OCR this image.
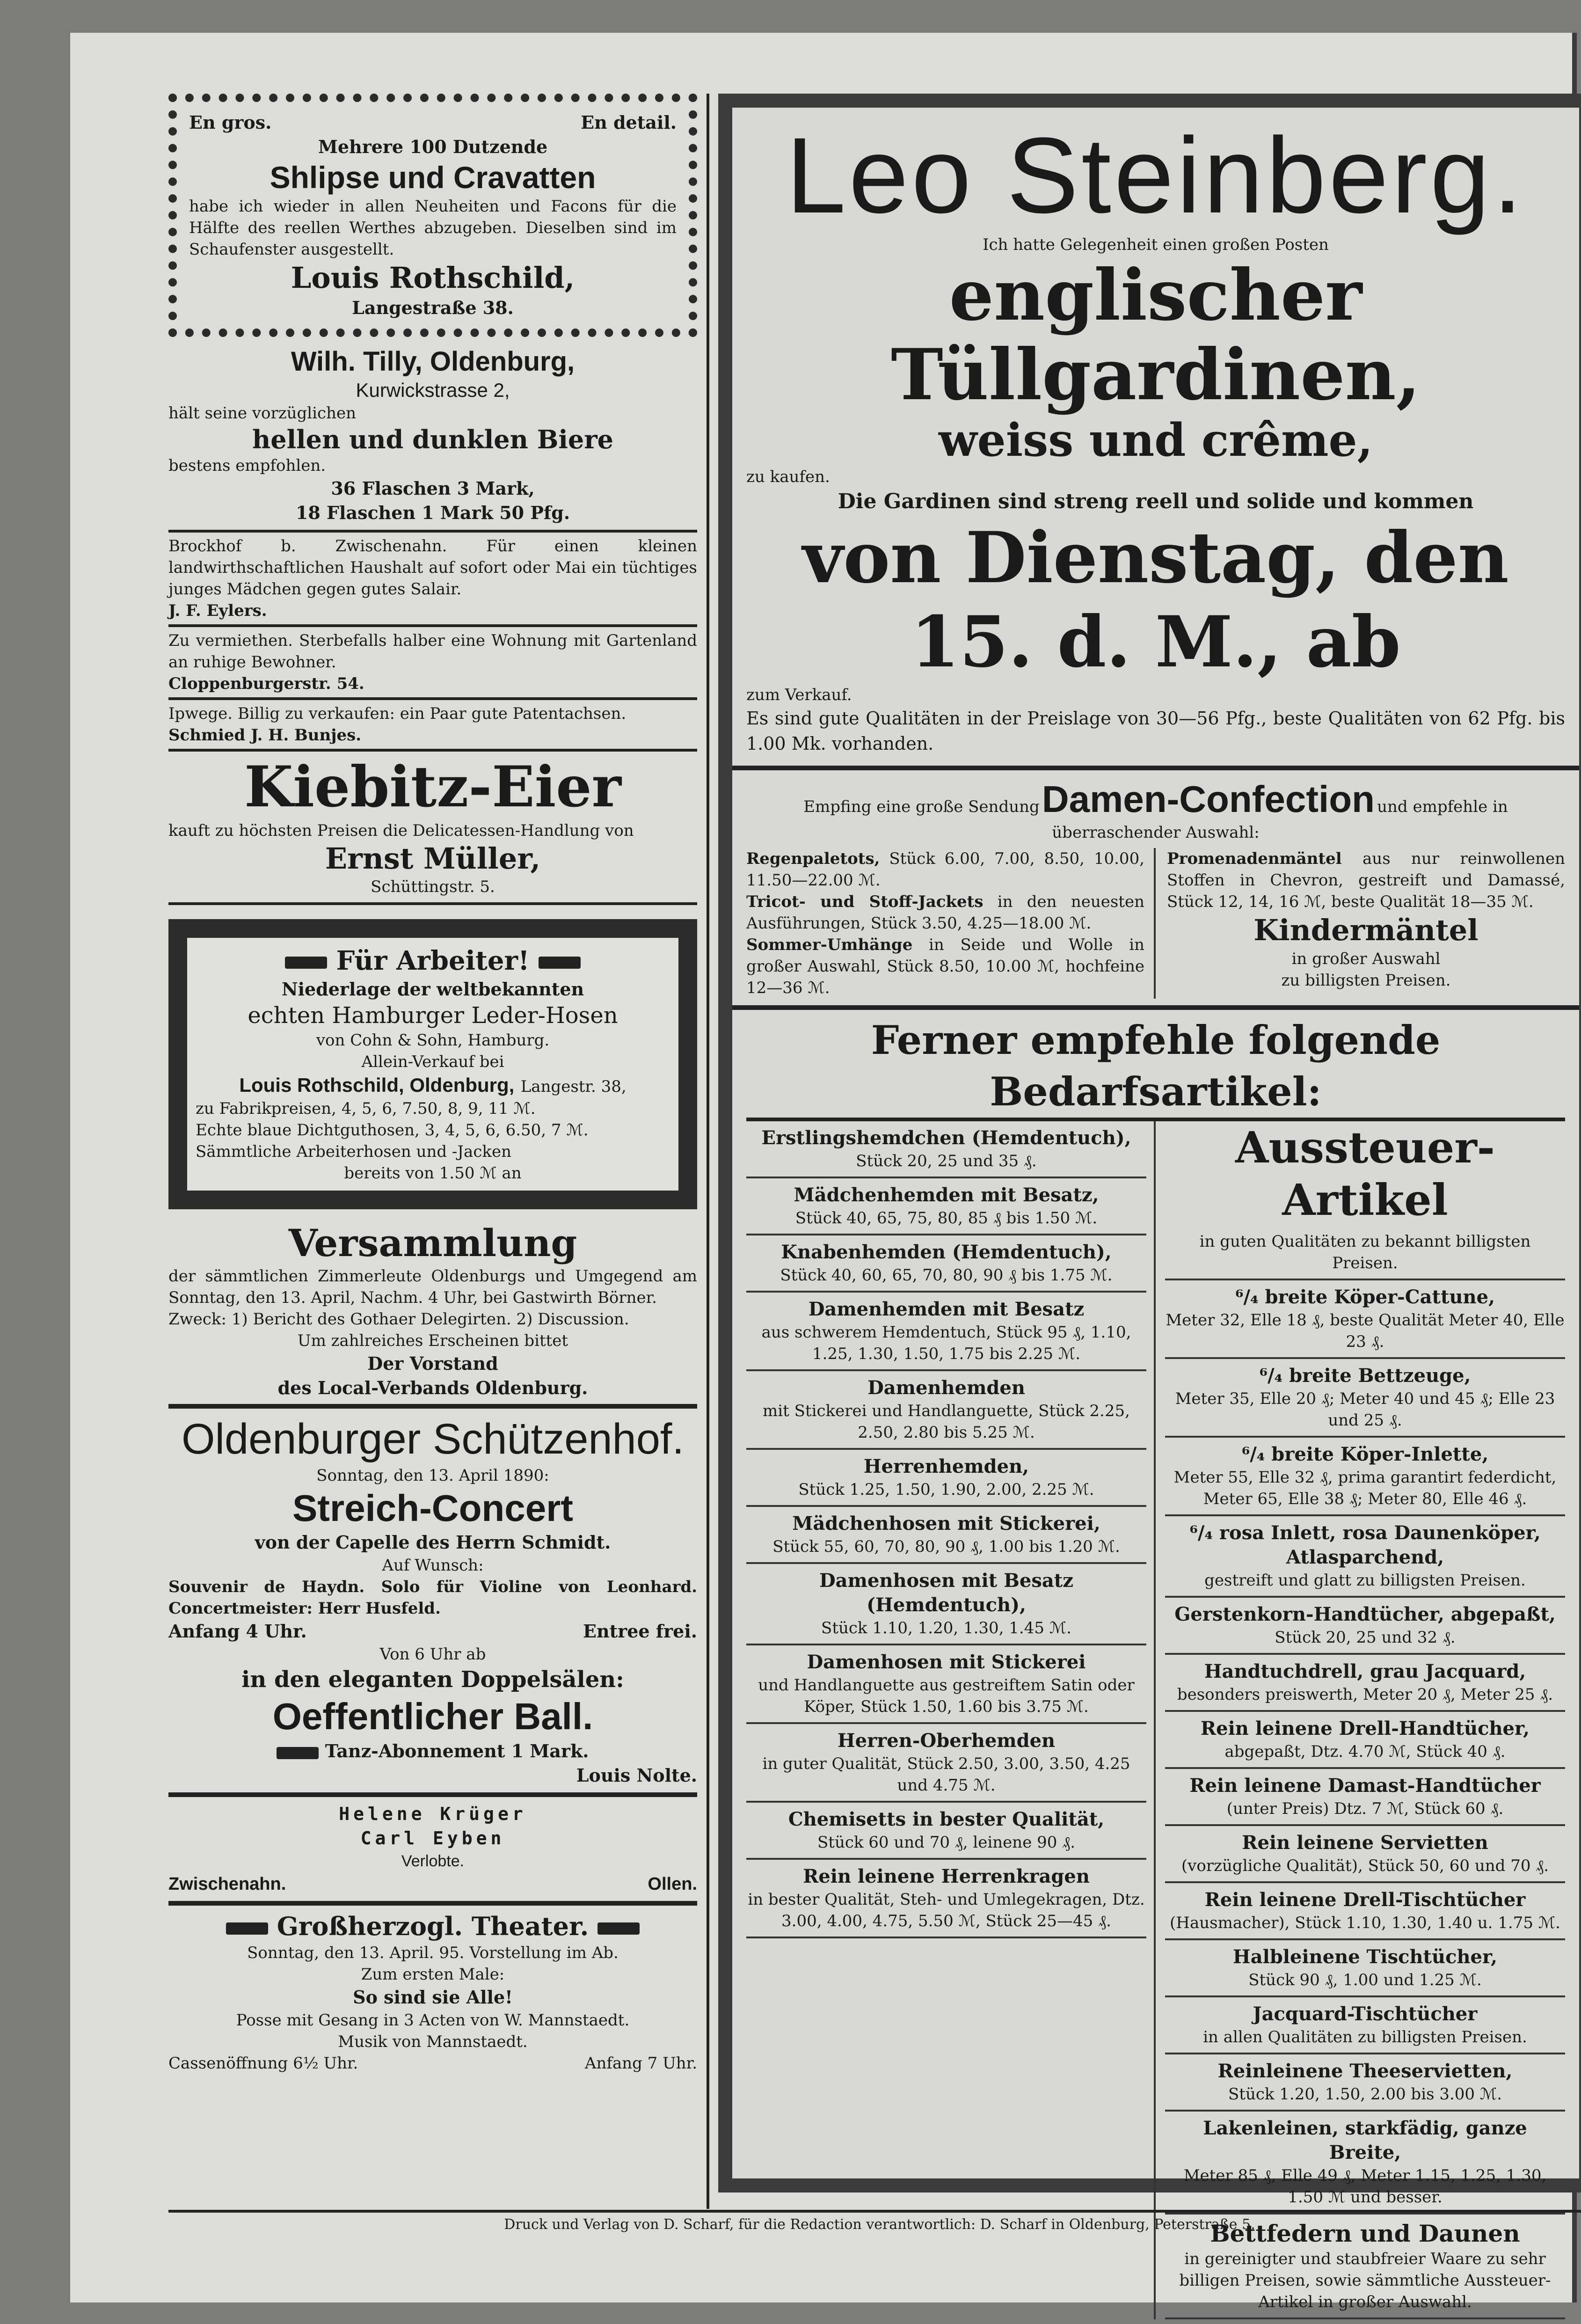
En gros.	En detail.
Mehrere 100 Dutzende
Shlipse und Cravatten
habe ich wieder in allen Neuheiten und Facons für die Hälfte des reellen Werthes abzugeben. Dieselben sind im Schaufenster ausgestellt.
Louis Rothschild,
Langestraße 38.
Wilh. Tilly, Oldenburg,
Kurwickstrasse 2,
hält seine vorzüglichen
hellen und dunklen Biere
bestens empfohlen.
36 Flaschen 3 Mark,
18 Flaschen 1 Mark 50 Pfg.
Brockhof b. Zwischenahn. Für einen kleinen landwirthschaftlichen Haushalt auf sofort oder Mai ein tüchtiges junges Mädchen gegen gutes Salair.
J. F. Eylers.
Zu vermiethen. Sterbefalls halber eine Wohnung mit Gartenland an ruhige Bewohner.
Cloppenburgerstr. 54.
Ipwege. Billig zu verkaufen: ein Paar gute Patentachsen.
Schmied J. H. Bunjes.
Kiebitz-Eier
kauft zu höchsten Preisen die Delicatessen-Handlung von
Ernst Müller,
Schüttingstr. 5.
Für Arbeiter!
Niederlage der weltbekannten
echten Hamburger Leder-Hosen
von Cohn & Sohn, Hamburg.
Allein-Verkauf bei
Louis Rothschild, Oldenburg, Langestr. 38,
zu Fabrikpreisen, 4, 5, 6, 7.50, 8, 9, 11 ℳ.
Echte blaue Dichtguthosen, 3, 4, 5, 6, 6.50, 7 ℳ.
Sämmtliche Arbeiterhosen und -Jacken
bereits von 1.50 ℳ an
Versammlung
der sämmtlichen Zimmerleute Oldenburgs und Umgegend am Sonntag, den 13. April, Nachm. 4 Uhr, bei Gastwirth Börner.
Zweck: 1) Bericht des Gothaer Delegirten. 2) Discussion.
Um zahlreiches Erscheinen bittet
Der Vorstand
des Local-Verbands Oldenburg.
Oldenburger Schützenhof.
Sonntag, den 13. April 1890:
Streich-Concert
von der Capelle des Herrn Schmidt.
Auf Wunsch:
Souvenir de Haydn. Solo für Violine von Leonhard. Concertmeister: Herr Husfeld.
Anfang 4 Uhr.	Entree frei.
Von 6 Uhr ab
in den eleganten Doppelsälen:
Oeffentlicher Ball.
Tanz-Abonnement 1 Mark.
Louis Nolte.
Helene Krüger
Carl Eyben
Verlobte.
Zwischenahn.	Ollen.
Großherzogl. Theater.
Sonntag, den 13. April. 95. Vorstellung im Ab.
Zum ersten Male:
So sind sie Alle!
Posse mit Gesang in 3 Acten von W. Mannstaedt.
Musik von Mannstaedt.
Cassenöffnung 6½ Uhr.	Anfang 7 Uhr.
Leo Steinberg.
Ich hatte Gelegenheit einen großen Posten
englischer Tüllgardinen,
weiss und crême,
zu kaufen.
Die Gardinen sind streng reell und solide und kommen
von Dienstag, den 15. d. M., ab
zum Verkauf.
Es sind gute Qualitäten in der Preislage von 30—56 Pfg., beste Qualitäten von 62 Pfg. bis 1.00 Mk. vorhanden.
Empfing eine große Sendung Damen-Confection und empfehle in überraschender Auswahl:
Regenpaletots, Stück 6.00, 7.00, 8.50, 10.00, 11.50—22.00 ℳ.
Tricot- und Stoff-Jackets in den neuesten Ausführungen, Stück 3.50, 4.25—18.00 ℳ.
Sommer-Umhänge in Seide und Wolle in großer Auswahl, Stück 8.50, 10.00 ℳ, hochfeine 12—36 ℳ.
Promenadenmäntel aus nur reinwollenen Stoffen in Chevron, gestreift und Damassé, Stück 12, 14, 16 ℳ, beste Qualität 18—35 ℳ.
Kindermäntel
in großer Auswahl
zu billigsten Preisen.
Ferner empfehle folgende Bedarfsartikel:
Erstlingshemdchen (Hemdentuch),
Stück 20, 25 und 35 ₰.
Mädchenhemden mit Besatz,
Stück 40, 65, 75, 80, 85 ₰ bis 1.50 ℳ.
Knabenhemden (Hemdentuch),
Stück 40, 60, 65, 70, 80, 90 ₰ bis 1.75 ℳ.
Damenhemden mit Besatz
aus schwerem Hemdentuch, Stück 95 ₰, 1.10, 1.25, 1.30, 1.50, 1.75 bis 2.25 ℳ.
Damenhemden
mit Stickerei und Handlanguette, Stück 2.25, 2.50, 2.80 bis 5.25 ℳ.
Herrenhemden,
Stück 1.25, 1.50, 1.90, 2.00, 2.25 ℳ.
Mädchenhosen mit Stickerei,
Stück 55, 60, 70, 80, 90 ₰, 1.00 bis 1.20 ℳ.
Damenhosen mit Besatz (Hemdentuch),
Stück 1.10, 1.20, 1.30, 1.45 ℳ.
Damenhosen mit Stickerei
und Handlanguette aus gestreiftem Satin oder Köper, Stück 1.50, 1.60 bis 3.75 ℳ.
Herren-Oberhemden
in guter Qualität, Stück 2.50, 3.00, 3.50, 4.25 und 4.75 ℳ.
Chemisetts in bester Qualität,
Stück 60 und 70 ₰, leinene 90 ₰.
Rein leinene Herrenkragen
in bester Qualität, Steh- und Umlegekragen, Dtz. 3.00, 4.00, 4.75, 5.50 ℳ, Stück 25—45 ₰.
Aussteuer-Artikel
in guten Qualitäten zu bekannt billigsten Preisen.
⁶/₄ breite Köper-Cattune,
Meter 32, Elle 18 ₰, beste Qualität Meter 40, Elle 23 ₰.
⁶/₄ breite Bettzeuge,
Meter 35, Elle 20 ₰; Meter 40 und 45 ₰; Elle 23 und 25 ₰.
⁶/₄ breite Köper-Inlette,
Meter 55, Elle 32 ₰, prima garantirt federdicht, Meter 65, Elle 38 ₰; Meter 80, Elle 46 ₰.
⁶/₄ rosa Inlett, rosa Daunenköper, Atlasparchend,
gestreift und glatt zu billigsten Preisen.
Gerstenkorn-Handtücher, abgepaßt,
Stück 20, 25 und 32 ₰.
Handtuchdrell, grau Jacquard,
besonders preiswerth, Meter 20 ₰, Meter 25 ₰.
Rein leinene Drell-Handtücher,
abgepaßt, Dtz. 4.70 ℳ, Stück 40 ₰.
Rein leinene Damast-Handtücher
(unter Preis) Dtz. 7 ℳ, Stück 60 ₰.
Rein leinene Servietten
(vorzügliche Qualität), Stück 50, 60 und 70 ₰.
Rein leinene Drell-Tischtücher
(Hausmacher), Stück 1.10, 1.30, 1.40 u. 1.75 ℳ.
Halbleinene Tischtücher,
Stück 90 ₰, 1.00 und 1.25 ℳ.
Jacquard-Tischtücher
in allen Qualitäten zu billigsten Preisen.
Reinleinene Theeservietten,
Stück 1.20, 1.50, 2.00 bis 3.00 ℳ.
Lakenleinen, starkfädig, ganze Breite,
Meter 85 ₰, Elle 49 ₰, Meter 1.15, 1.25, 1.30, 1.50 ℳ und besser.
Bettfedern und Daunen
in gereinigter und staubfreier Waare zu sehr billigen Preisen, sowie sämmtliche Aussteuer-Artikel in großer Auswahl.
Druck und Verlag von D. Scharf, für die Redaction verantwortlich: D. Scharf in Oldenburg, Peterstraße 5.
